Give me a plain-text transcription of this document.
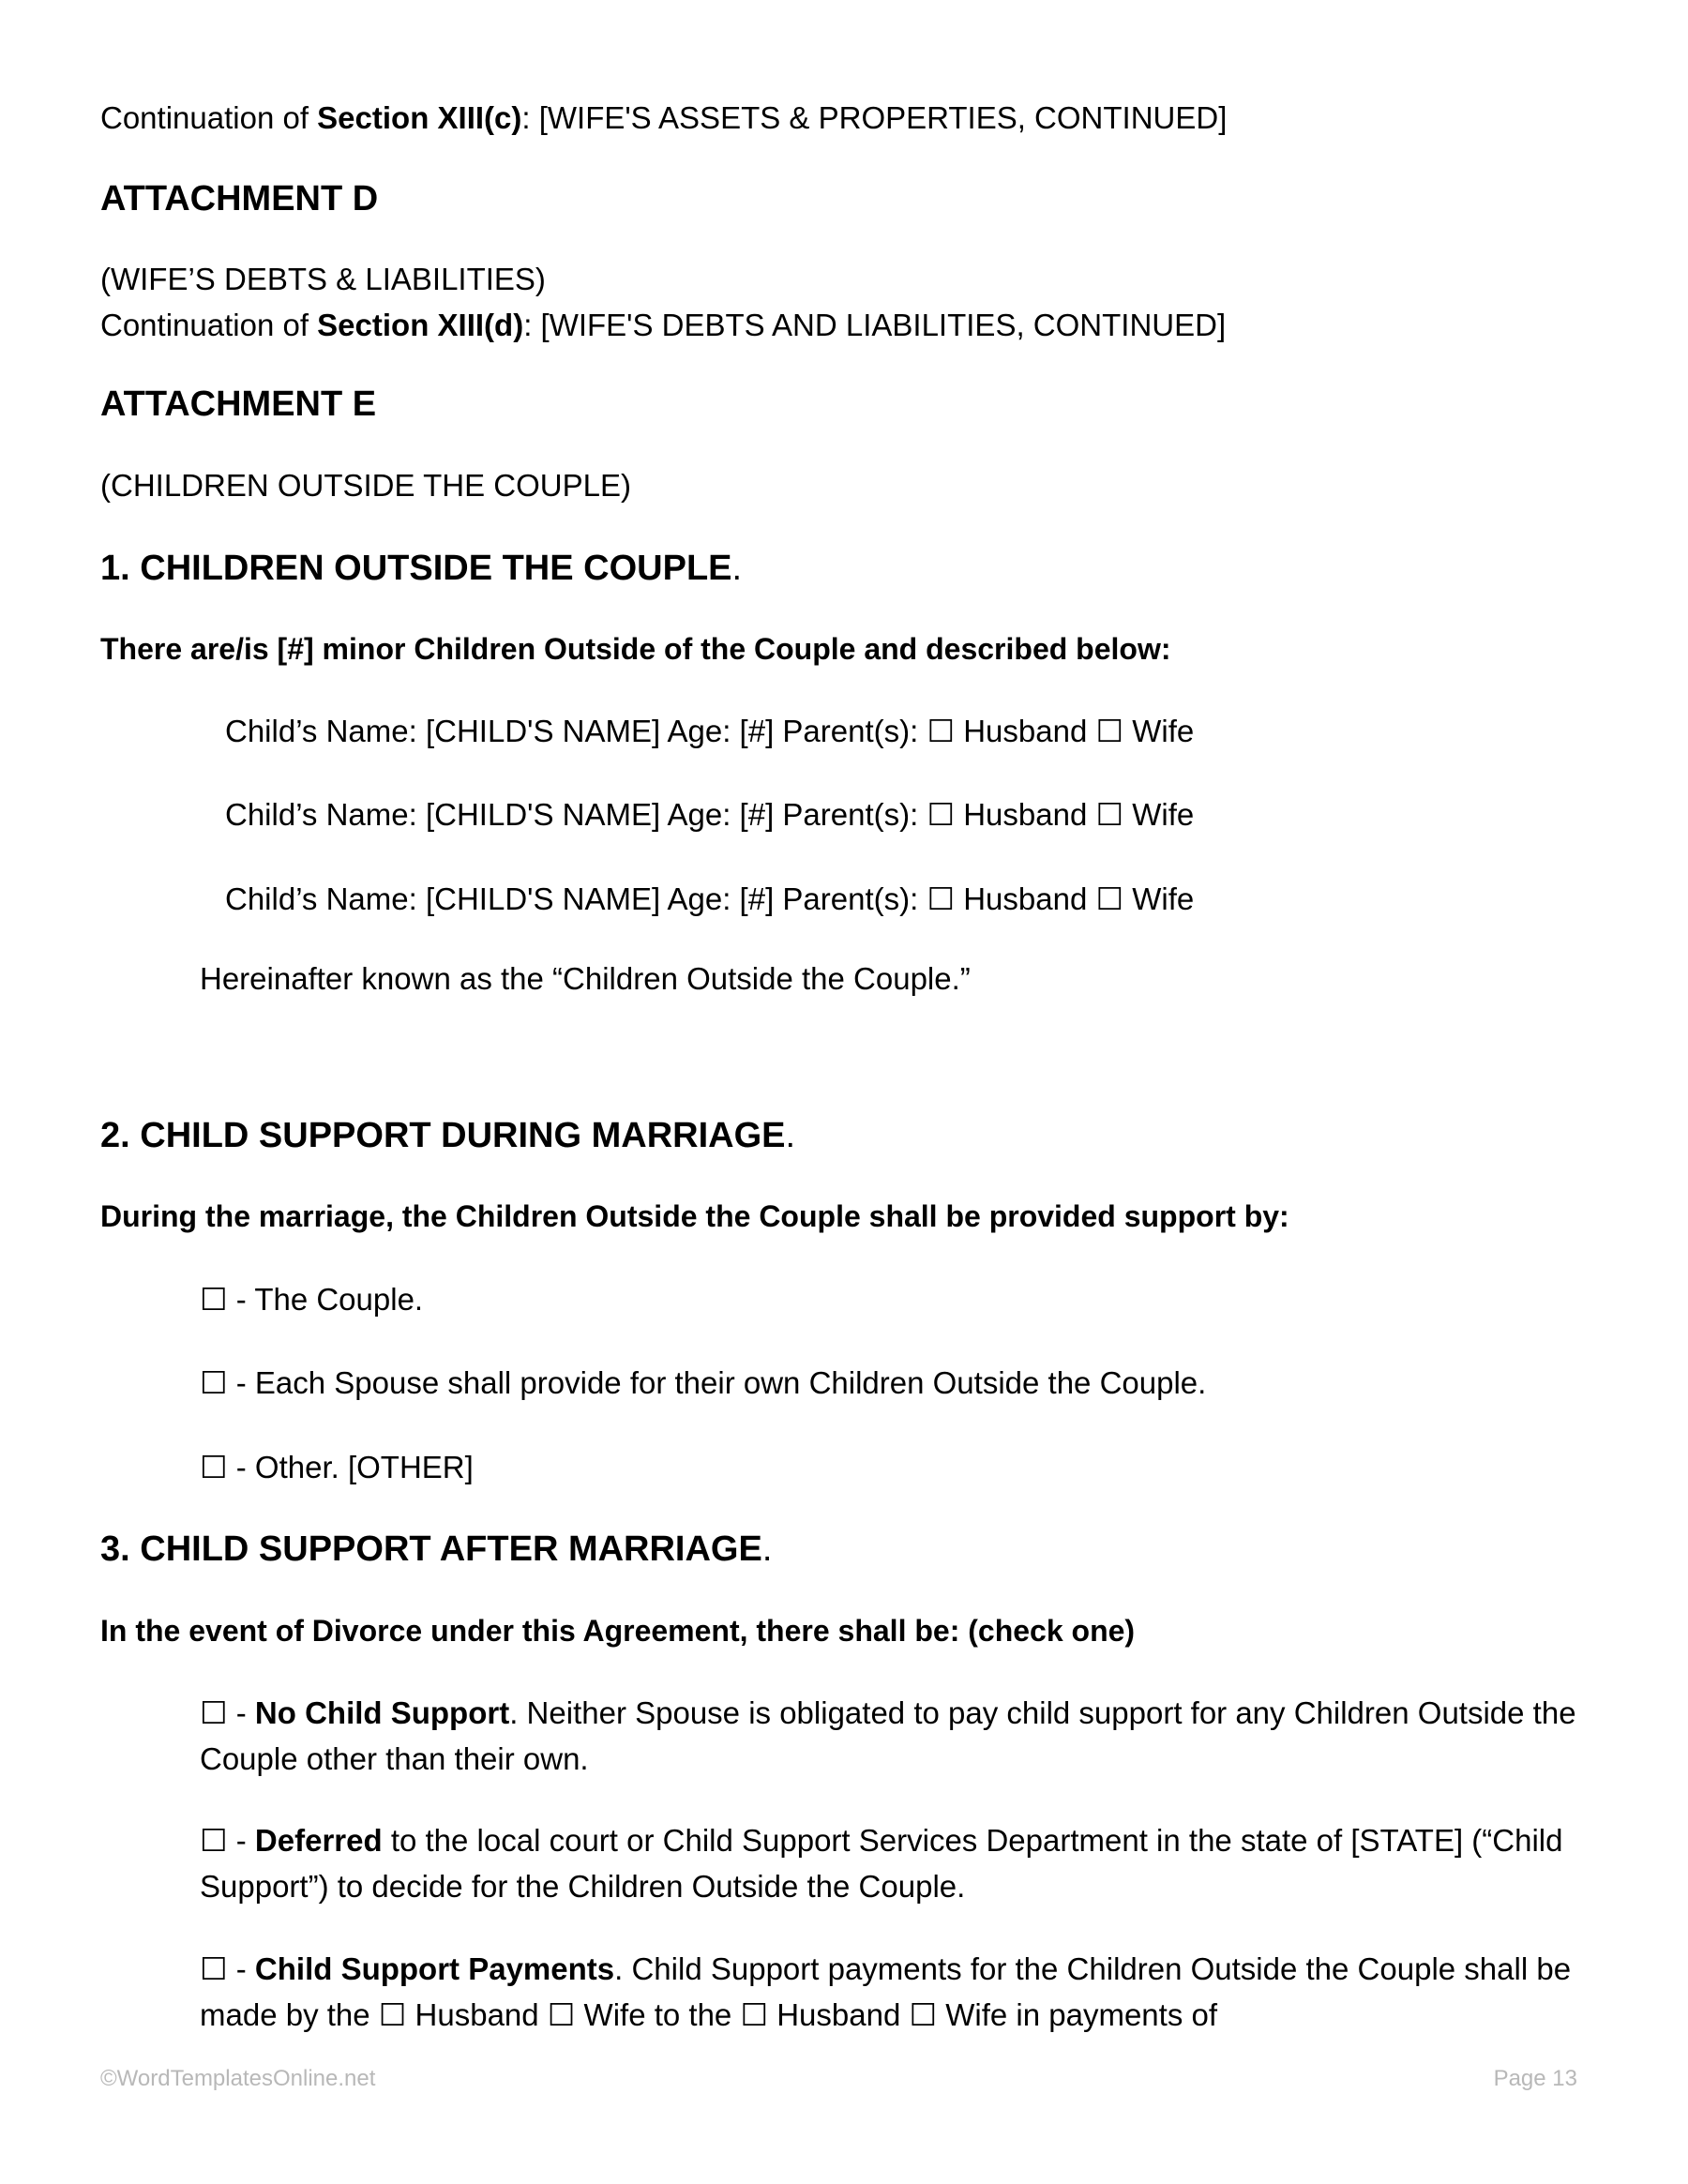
Continuation of Section XIII(c): [WIFE'S ASSETS & PROPERTIES, CONTINUED]
ATTACHMENT D
(WIFE’S DEBTS & LIABILITIES)
Continuation of Section XIII(d): [WIFE'S DEBTS AND LIABILITIES, CONTINUED]
ATTACHMENT E
(CHILDREN OUTSIDE THE COUPLE)
1. CHILDREN OUTSIDE THE COUPLE.
There are/is [#] minor Children Outside of the Couple and described below:
Child’s Name: [CHILD'S NAME] Age: [#] Parent(s): ☐ Husband ☐ Wife
Child’s Name: [CHILD'S NAME] Age: [#] Parent(s): ☐ Husband ☐ Wife
Child’s Name: [CHILD'S NAME] Age: [#] Parent(s): ☐ Husband ☐ Wife
Hereinafter known as the “Children Outside the Couple.”
2. CHILD SUPPORT DURING MARRIAGE.
During the marriage, the Children Outside the Couple shall be provided support by:
☐ - The Couple.
☐ - Each Spouse shall provide for their own Children Outside the Couple.
☐ - Other. [OTHER]
3. CHILD SUPPORT AFTER MARRIAGE.
In the event of Divorce under this Agreement, there shall be: (check one)
☐ - No Child Support. Neither Spouse is obligated to pay child support for any Children Outside the Couple other than their own.
☐ - Deferred to the local court or Child Support Services Department in the state of [STATE] (“Child Support”) to decide for the Children Outside the Couple.
☐ - Child Support Payments. Child Support payments for the Children Outside the Couple shall be made by the ☐ Husband ☐ Wife to the ☐ Husband ☐ Wife in payments of
©WordTemplatesOnline.net	Page 13
